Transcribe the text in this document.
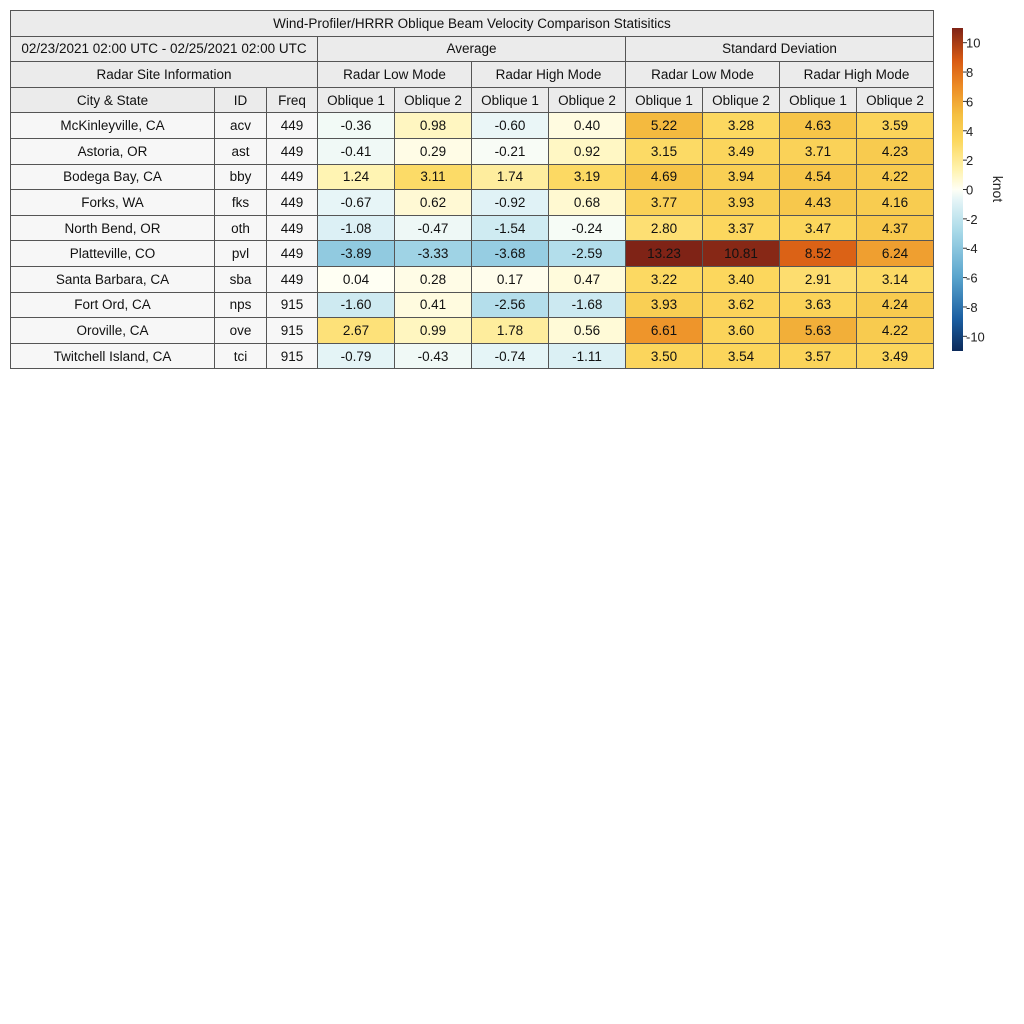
Wind-Profiler/HRRR Oblique Beam Velocity Comparison Statisitics										
02/23/2021 02:00 UTC - 02/25/2021 02:00 UTC			Average				Standard Deviation			
Radar Site Information			Radar Low Mode		Radar High Mode		Radar Low Mode		Radar High Mode	
City & State	ID	Freq	Oblique 1	Oblique 2	Oblique 1	Oblique 2	Oblique 1	Oblique 2	Oblique 1	Oblique 2
McKinleyville, CA	acv	449	-0.36	0.98	-0.60	0.40	5.22	3.28	4.63	3.59
Astoria, OR	ast	449	-0.41	0.29	-0.21	0.92	3.15	3.49	3.71	4.23
Bodega Bay, CA	bby	449	1.24	3.11	1.74	3.19	4.69	3.94	4.54	4.22
Forks, WA	fks	449	-0.67	0.62	-0.92	0.68	3.77	3.93	4.43	4.16
North Bend, OR	oth	449	-1.08	-0.47	-1.54	-0.24	2.80	3.37	3.47	4.37
Platteville, CO	pvl	449	-3.89	-3.33	-3.68	-2.59	13.23	10.81	8.52	6.24
Santa Barbara, CA	sba	449	0.04	0.28	0.17	0.47	3.22	3.40	2.91	3.14
Fort Ord, CA	nps	915	-1.60	0.41	-2.56	-1.68	3.93	3.62	3.63	4.24
Oroville, CA	ove	915	2.67	0.99	1.78	0.56	6.61	3.60	5.63	4.22
Twitchell Island, CA	tci	915	-0.79	-0.43	-0.74	-1.11	3.50	3.54	3.57	3.49
10
8
6
4
2
0
-2
-4
-6
-8
-10
knot
